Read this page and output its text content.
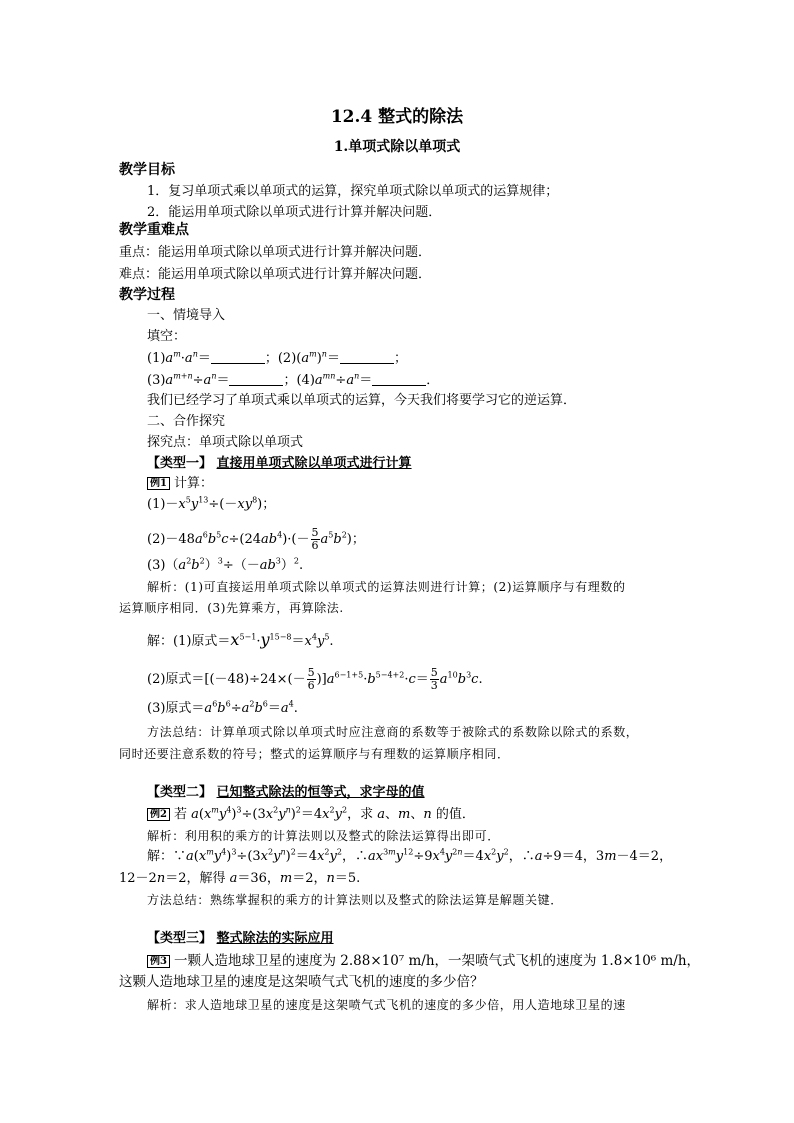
12.4 整式的除法
1.单项式除以单项式
教学目标
1．复习单项式乘以单项式的运算，探究单项式除以单项式的运算规律；
2．能运用单项式除以单项式进行计算并解决问题．
教学重难点
重点：能运用单项式除以单项式进行计算并解决问题．
难点：能运用单项式除以单项式进行计算并解决问题．
教学过程
一、情境导入
填空：
$(1)a^m\cdot a^n=$	；$(2)(a^m)^n=$	；
$(3)a^{m+n}\div a^n=$	；$(4)a^{mn}\div a^n=$	．
我们已经学习了单项式乘以单项式的运算，今天我们将要学习它的逆运算．
二、合作探究
探究点：单项式除以单项式
【类型一】 直接用单项式除以单项式进行计算
例1 计算：
$(1)-x^5y^{13}\div(-xy^8)$；
$(2)-48a^6b^5c\div(24ab^4)\cdot(- \frac{5}{6} a^5b^2)$；
$(3)(a^2b^2)^3\div(-ab^3)^2$.
解析：(1)可直接运用单项式除以单项式的运算法则进行计算；(2)运算顺序与有理数的
运算顺序相同．(3)先算乘方，再算除法.
解：(1)原式$=x^{5-1}\cdot y^{15-8}=x^4y^5$.
(2)原式$=[(-48)\div 24\times(- \frac{5}{6} )]a^{6-1+5}\cdot b^{5-4+2}\cdot c= \frac{5}{3} a^{10}b^3c$.
(3)原式$=a^6b^6\div a^2b^6=a^4$.
方法总结：计算单项式除以单项式时应注意商的系数等于被除式的系数除以除式的系数，
同时还要注意系数的符号；整式的运算顺序与有理数的运算顺序相同．
【类型二】 已知整式除法的恒等式，求字母的值
例2 若 $a(x^my^4)^3\div(3x^2y^n)^2=4x^2y^2$，求 a、m、n 的值．
解析：利用积的乘方的计算法则以及整式的除法运算得出即可．
解：$\because a(x^my^4)^3\div(3x^2y^n)^2=4x^2y^2$，$\therefore ax^{3m}y^{12}\div 9x^4y^{2n}=4x^2y^2$，∴a÷9＝4，3m－4＝2，
12－2n＝2，解得 a＝36，m＝2，n＝5.
方法总结：熟练掌握积的乘方的计算法则以及整式的除法运算是解题关键．
【类型三】 整式除法的实际应用
例3 一颗人造地球卫星的速度为 2.88×10⁷ m/h，一架喷气式飞机的速度为 1.8×10⁶ m/h，
这颗人造地球卫星的速度是这架喷气式飞机的速度的多少倍？
解析：求人造地球卫星的速度是这架喷气式飞机的速度的多少倍，用人造地球卫星的速
